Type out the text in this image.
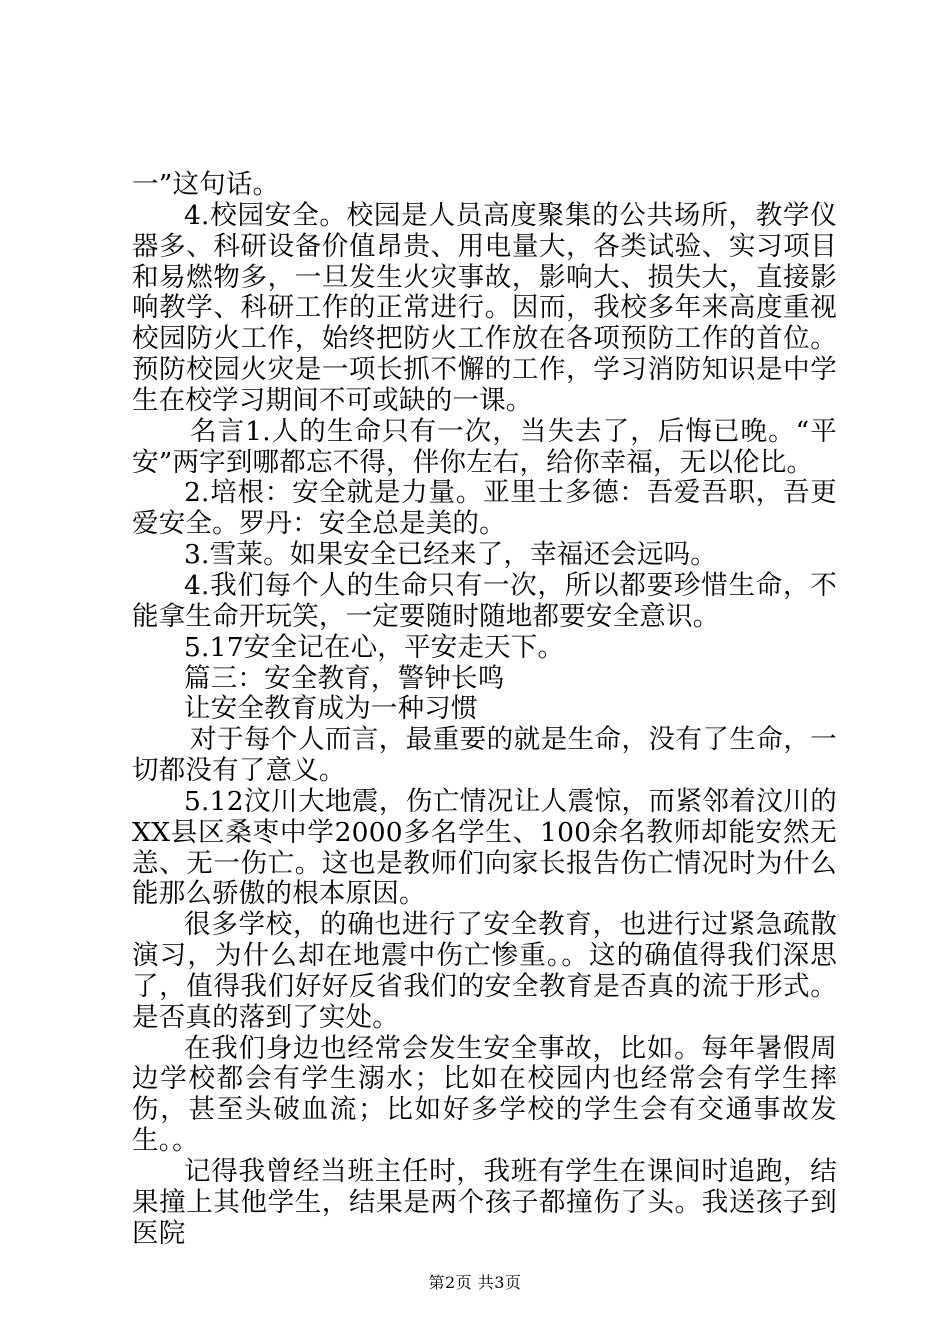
一”这句话。

4.校园安全。校园是人员高度聚集的公共场所，教学仪器多、科研设备价值昂贵、用电量大，各类试验、实习项目和易燃物多，一旦发生火灾事故，影响大、损失大，直接影响教学、科研工作的正常进行。因而，我校多年来高度重视校园防火工作，始终把防火工作放在各项预防工作的首位。预防校园火灾是一项长抓不懈的工作，学习消防知识是中学生在校学习期间不可或缺的一课。

名言1.人的生命只有一次，当失去了，后悔已晚。“平安”两字到哪都忘不得，伴你左右，给你幸福，无以伦比。

2.培根：安全就是力量。亚里士多德：吾爱吾职，吾更爱安全。罗丹：安全总是美的。

3.雪莱。如果安全已经来了，幸福还会远吗。

4.我们每个人的生命只有一次，所以都要珍惜生命，不能拿生命开玩笑，一定要随时随地都要安全意识。

5.17安全记在心，平安走天下。

篇三：安全教育，警钟长鸣

让安全教育成为一种习惯

对于每个人而言，最重要的就是生命，没有了生命，一切都没有了意义。

5.12汶川大地震，伤亡情况让人震惊，而紧邻着汶川的XX县区桑枣中学2000多名学生、100余名教师却能安然无恙、无一伤亡。这也是教师们向家长报告伤亡情况时为什么能那么骄傲的根本原因。

很多学校，的确也进行了安全教育，也进行过紧急疏散演习，为什么却在地震中伤亡惨重。。这的确值得我们深思了，值得我们好好反省我们的安全教育是否真的流于形式。是否真的落到了实处。

在我们身边也经常会发生安全事故，比如。每年暑假周边学校都会有学生溺水；比如在校园内也经常会有学生摔伤，甚至头破血流；比如好多学校的学生会有交通事故发生。。

记得我曾经当班主任时，我班有学生在课间时追跑，结果撞上其他学生，结果是两个孩子都撞伤了头。我送孩子到医院

第2页 共3页
